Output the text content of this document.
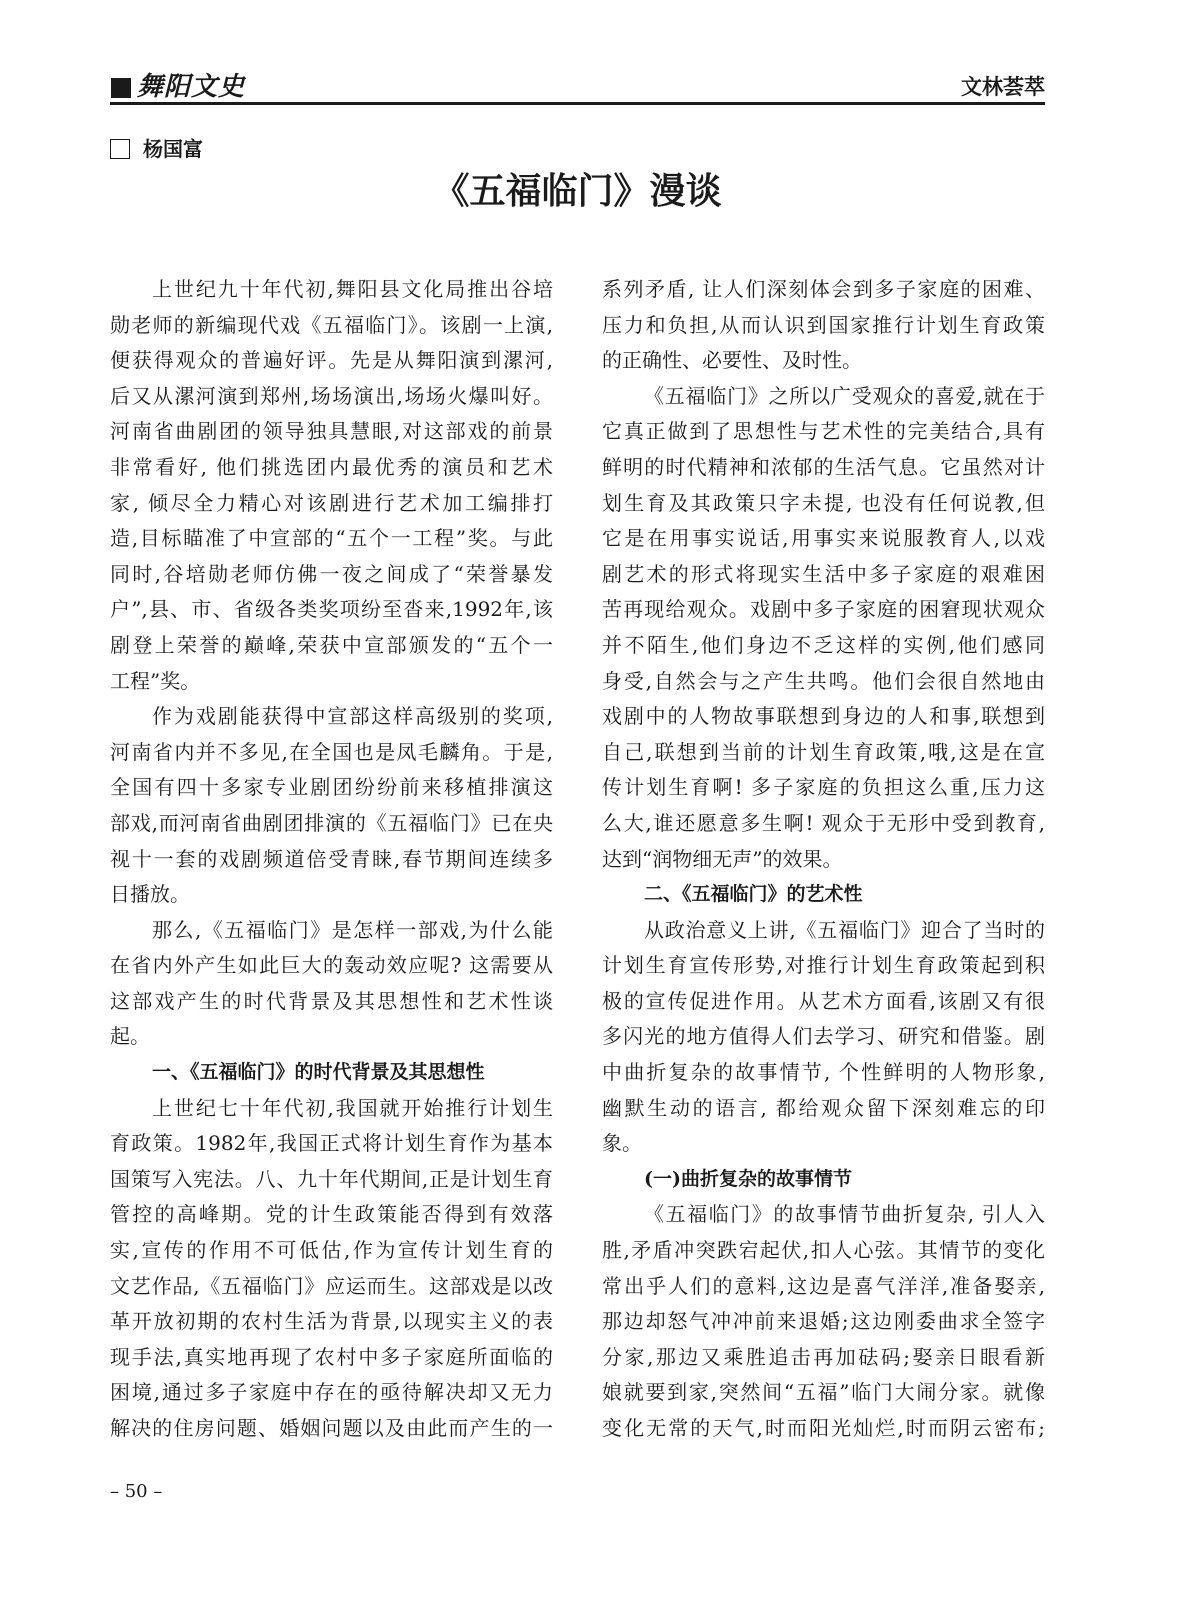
舞阳文史	文林荟萃
杨国富
《五福临门》漫谈
上世纪九十年代初,舞阳县文化局推出谷培
勋老师的新编现代戏《五福临门》。该剧一上演,
便获得观众的普遍好评。先是从舞阳演到漯河,
后又从漯河演到郑州,场场演出,场场火爆叫好。
河南省曲剧团的领导独具慧眼,对这部戏的前景
非常看好, 他们挑选团内最优秀的演员和艺术
家, 倾尽全力精心对该剧进行艺术加工编排打
造,目标瞄准了中宣部的“五个一工程”奖。与此
同时,谷培勋老师仿佛一夜之间成了“荣誉暴发
户”,县、市、省级各类奖项纷至沓来,1992年,该
剧登上荣誉的巅峰,荣获中宣部颁发的“五个一
工程”奖。
作为戏剧能获得中宣部这样高级别的奖项,
河南省内并不多见,在全国也是凤毛麟角。于是,
全国有四十多家专业剧团纷纷前来移植排演这
部戏,而河南省曲剧团排演的《五福临门》已在央
视十一套的戏剧频道倍受青睐,春节期间连续多
日播放。
那么,《五福临门》是怎样一部戏,为什么能
在省内外产生如此巨大的轰动效应呢? 这需要从
这部戏产生的时代背景及其思想性和艺术性谈
起。
一、《五福临门》的时代背景及其思想性
上世纪七十年代初,我国就开始推行计划生
育政策。1982年,我国正式将计划生育作为基本
国策写入宪法。八、九十年代期间,正是计划生育
管控的高峰期。党的计生政策能否得到有效落
实,宣传的作用不可低估,作为宣传计划生育的
文艺作品,《五福临门》应运而生。这部戏是以改
革开放初期的农村生活为背景,以现实主义的表
现手法,真实地再现了农村中多子家庭所面临的
困境,通过多子家庭中存在的亟待解决却又无力
解决的住房问题、婚姻问题以及由此而产生的一
系列矛盾, 让人们深刻体会到多子家庭的困难、
压力和负担,从而认识到国家推行计划生育政策
的正确性、必要性、及时性。
《五福临门》之所以广受观众的喜爱,就在于
它真正做到了思想性与艺术性的完美结合,具有
鲜明的时代精神和浓郁的生活气息。它虽然对计
划生育及其政策只字未提, 也没有任何说教,但
它是在用事实说话,用事实来说服教育人,以戏
剧艺术的形式将现实生活中多子家庭的艰难困
苦再现给观众。戏剧中多子家庭的困窘现状观众
并不陌生,他们身边不乏这样的实例,他们感同
身受,自然会与之产生共鸣。他们会很自然地由
戏剧中的人物故事联想到身边的人和事,联想到
自己,联想到当前的计划生育政策,哦,这是在宣
传计划生育啊! 多子家庭的负担这么重,压力这
么大,谁还愿意多生啊! 观众于无形中受到教育,
达到“润物细无声”的效果。
二、《五福临门》的艺术性
从政治意义上讲,《五福临门》迎合了当时的
计划生育宣传形势,对推行计划生育政策起到积
极的宣传促进作用。从艺术方面看,该剧又有很
多闪光的地方值得人们去学习、研究和借鉴。剧
中曲折复杂的故事情节, 个性鲜明的人物形象,
幽默生动的语言, 都给观众留下深刻难忘的印
象。
(一)曲折复杂的故事情节
《五福临门》的故事情节曲折复杂, 引人入
胜,矛盾冲突跌宕起伏,扣人心弦。其情节的变化
常出乎人们的意料,这边是喜气洋洋,准备娶亲,
那边却怒气冲冲前来退婚;这边刚委曲求全签字
分家,那边又乘胜追击再加砝码;娶亲日眼看新
娘就要到家,突然间“五福”临门大闹分家。就像
变化无常的天气,时而阳光灿烂,时而阴云密布;
– 50 –
